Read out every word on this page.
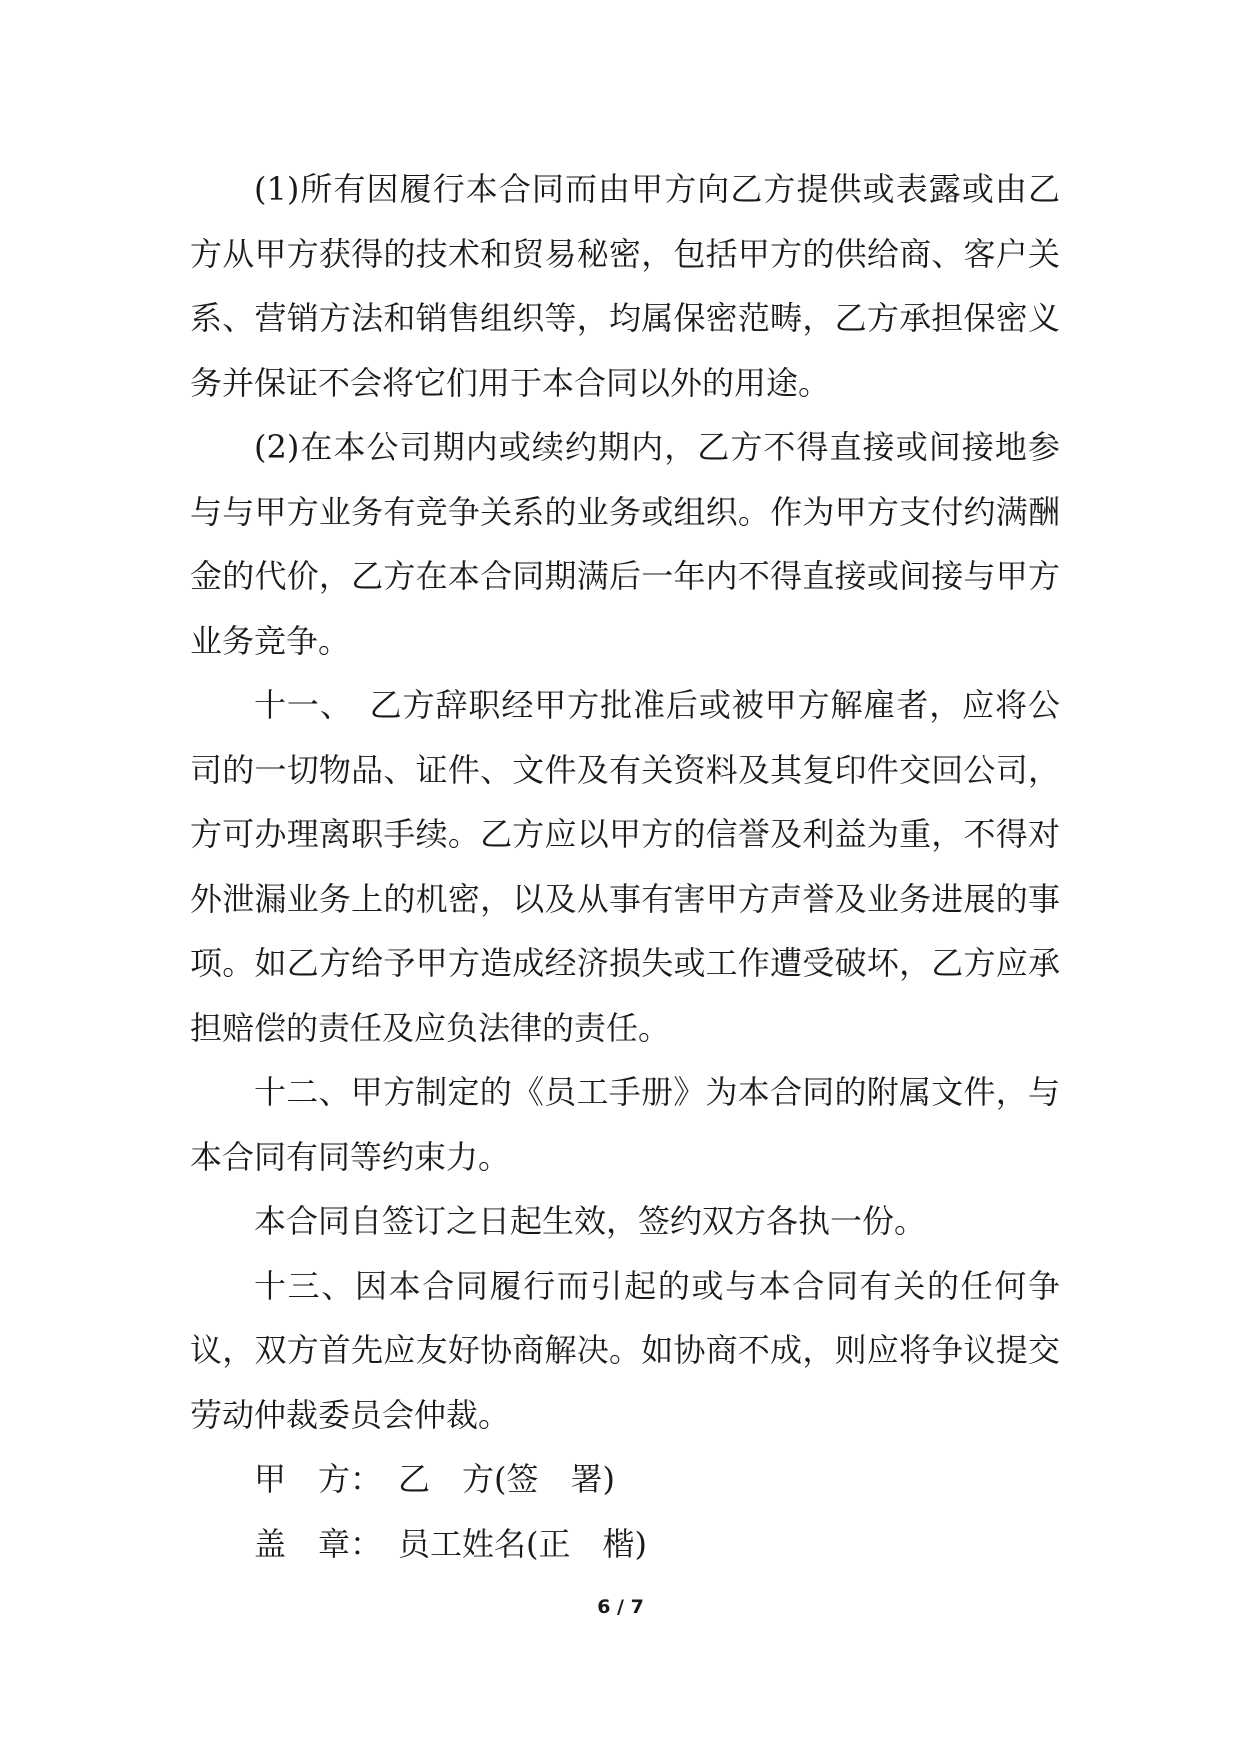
(1)所有因履行本合同而由甲方向乙方提供或表露或由乙方从甲方获得的技术和贸易秘密，包括甲方的供给商、客户关系、营销方法和销售组织等，均属保密范畴，乙方承担保密义务并保证不会将它们用于本合同以外的用途。

(2)在本公司期内或续约期内，乙方不得直接或间接地参与与甲方业务有竞争关系的业务或组织。作为甲方支付约满酬金的代价，乙方在本合同期满后一年内不得直接或间接与甲方业务竞争。

十一、　乙方辞职经甲方批准后或被甲方解雇者，应将公司的一切物品、证件、文件及有关资料及其复印件交回公司，方可办理离职手续。乙方应以甲方的信誉及利益为重，不得对外泄漏业务上的机密，以及从事有害甲方声誉及业务进展的事项。如乙方给予甲方造成经济损失或工作遭受破坏，乙方应承担赔偿的责任及应负法律的责任。

十二、甲方制定的《员工手册》为本合同的附属文件，与本合同有同等约束力。

本合同自签订之日起生效，签约双方各执一份。

十三、因本合同履行而引起的或与本合同有关的任何争议，双方首先应友好协商解决。如协商不成，则应将争议提交劳动仲裁委员会仲裁。

甲　方：　乙　方(签　署)

盖　章：　员工姓名(正　楷)

6 / 7
